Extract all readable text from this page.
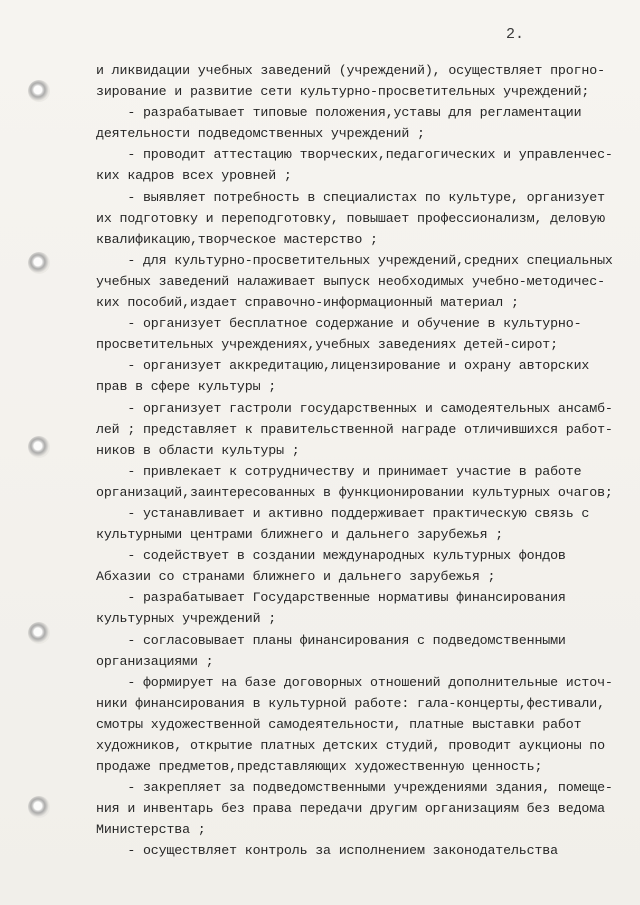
2.
и ликвидации учебных заведений (учреждений), осуществляет прогно-
зирование и развитие сети культурно-просветительных учреждений;
- разрабатывает типовые положения,уставы для регламентации
деятельности подведомственных учреждений ;
- проводит аттестацию творческих,педагогических и управленчес-
ких кадров всех уровней ;
- выявляет потребность в специалистах по культуре, организует
их подготовку и переподготовку, повышает профессионализм, деловую
квалификацию,творческое мастерство ;
- для культурно-просветительных учреждений,средних специальных
учебных заведений налаживает выпуск необходимых учебно-методичес-
ких пособий,издает справочно-информационный материал ;
- организует бесплатное содержание и обучение в культурно-
просветительных учреждениях,учебных заведениях детей-сирот;
- организует аккредитацию,лицензирование и охрану авторских
прав в сфере культуры ;
- организует гастроли государственных и самодеятельных ансамб-
лей ; представляет к правительственной награде отличившихся работ-
ников в области культуры ;
- привлекает к сотрудничеству и принимает участие в работе
организаций,заинтересованных в функционировании культурных очагов;
- устанавливает и активно поддерживает практическую связь с
культурными центрами ближнего и дальнего зарубежья ;
- содействует в создании международных культурных фондов
Абхазии со странами ближнего и дальнего зарубежья ;
- разрабатывает Государственные нормативы финансирования
культурных учреждений ;
- согласовывает планы финансирования с подведомственными
организациями ;
- формирует на базе договорных отношений дополнительные источ-
ники финансирования в культурной работе: гала-концерты,фестивали,
смотры художественной самодеятельности, платные выставки работ
художников, открытие платных детских студий, проводит аукционы по
продаже предметов,представляющих художественную ценность;
- закрепляет за подведомственными учреждениями здания, помеще-
ния и инвентарь без права передачи другим организациям без ведома
Министерства ;
- осуществляет контроль за исполнением законодательства
